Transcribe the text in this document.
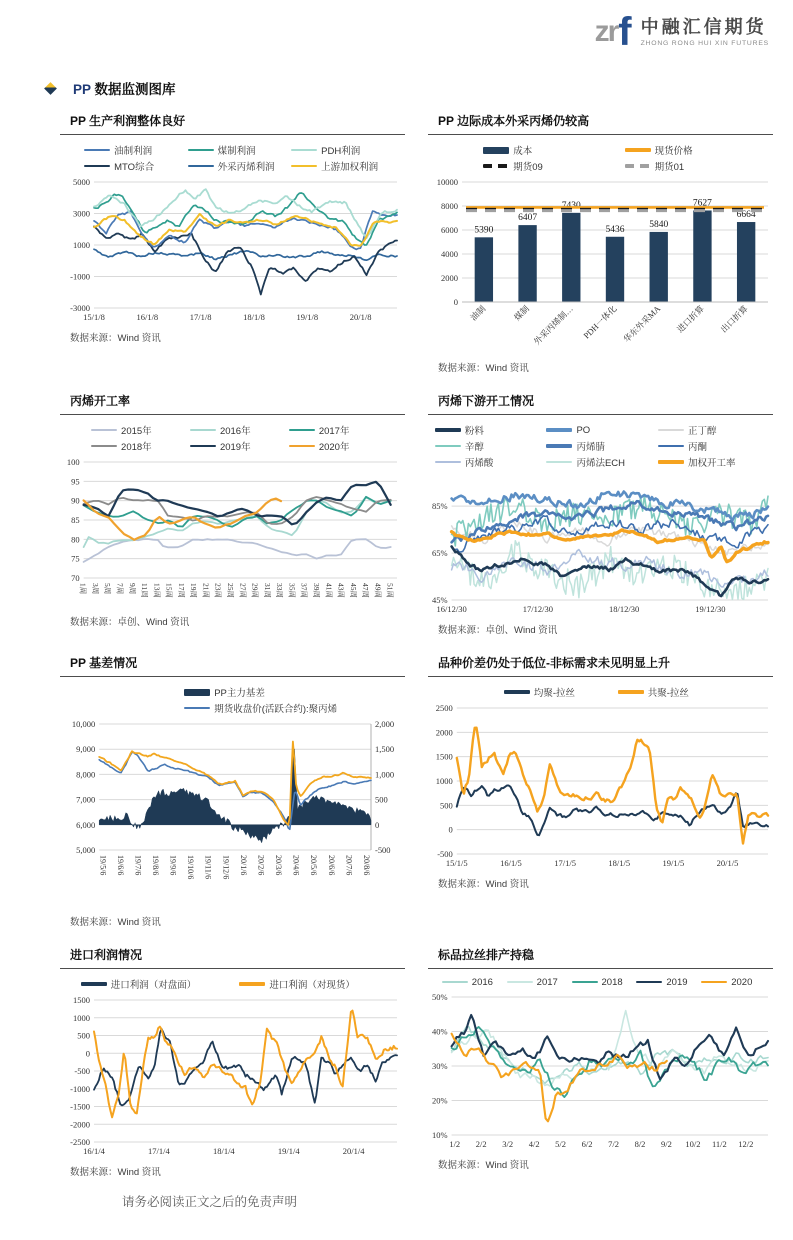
zr f 中融汇信期货
ZHONG RONG HUI XIN FUTURES
PP 数据监测图库
PP 生产利润整体良好
油制利润	煤制利润	PDH利润
MTO综合	外采丙烯利润	上游加权利润
5000
3000
1000
-1000
-3000
15/1/8	16/1/8	17/1/8	18/1/8	19/1/8	20/1/8

数据来源：Wind 资讯

PP 边际成本外采丙烯仍较高
成本	现货价格
期货09	期货01
10000
8000
6000
4000
2000
0
油制	煤制 外采丙烯制… PDH一体化 华东外采MA 进口折算 出口折算
5390
6407
7430
5436	5840
7627
6664

数据来源：Wind 资讯

丙烯开工率
2015年	2016年	2017年
2018年	2019年	2020年
100
95
90
85
80
75
70
1周 3周 5周 7周 9周 11周 13周 15周 17周 19周 21周 23周 25周 27周 29周 31周 33周 35周 37周 39周 41周 43周 45周 47周 49周 51周

数据来源：卓创、Wind 资讯

丙烯下游开工情况
粉料	PO	正丁醇
辛醇	丙烯腈	丙酮
丙烯酸	丙烯法ECH	加权开工率
85%
65%
45%
16/12/30	17/12/30	18/12/30	19/12/30

数据来源：卓创、Wind 资讯

PP 基差情况
PP主力基差
期货收盘价(活跃合约):聚丙烯
10,000
9,000
8,000
7,000
6,000
5,000
2,000
1,500
1,000
500
0
-500
19/5/6 19/6/6 19/7/6 19/8/6 19/9/6 19/10/6 19/11/6 19/12/6 20/1/6 20/2/6 20/3/6 20/4/6 20/5/6 20/6/6 20/7/6 20/8/6

数据来源：Wind 资讯

品种价差仍处于低位-非标需求未见明显上升
均聚-拉丝	共聚-拉丝
2500
2000
1500
1000
500
0
-500
15/1/5	16/1/5	17/1/5	18/1/5	19/1/5	20/1/5

数据来源：Wind 资讯

进口利润情况
进口利润（对盘面）	进口利润（对现货）
1500
1000
500
0
-500
-1000
-1500
-2000
-2500
16/1/4	17/1/4	18/1/4	19/1/4	20/1/4

数据来源：Wind 资讯

标品拉丝排产持稳
2016	2017	2018	2019	2020
50%
40%
30%
20%
10%
1/2 2/2 3/2 4/2 5/2 6/2 7/2 8/2 9/2 10/2 11/2 12/2

数据来源：Wind 资讯

请务必阅读正文之后的免责声明
